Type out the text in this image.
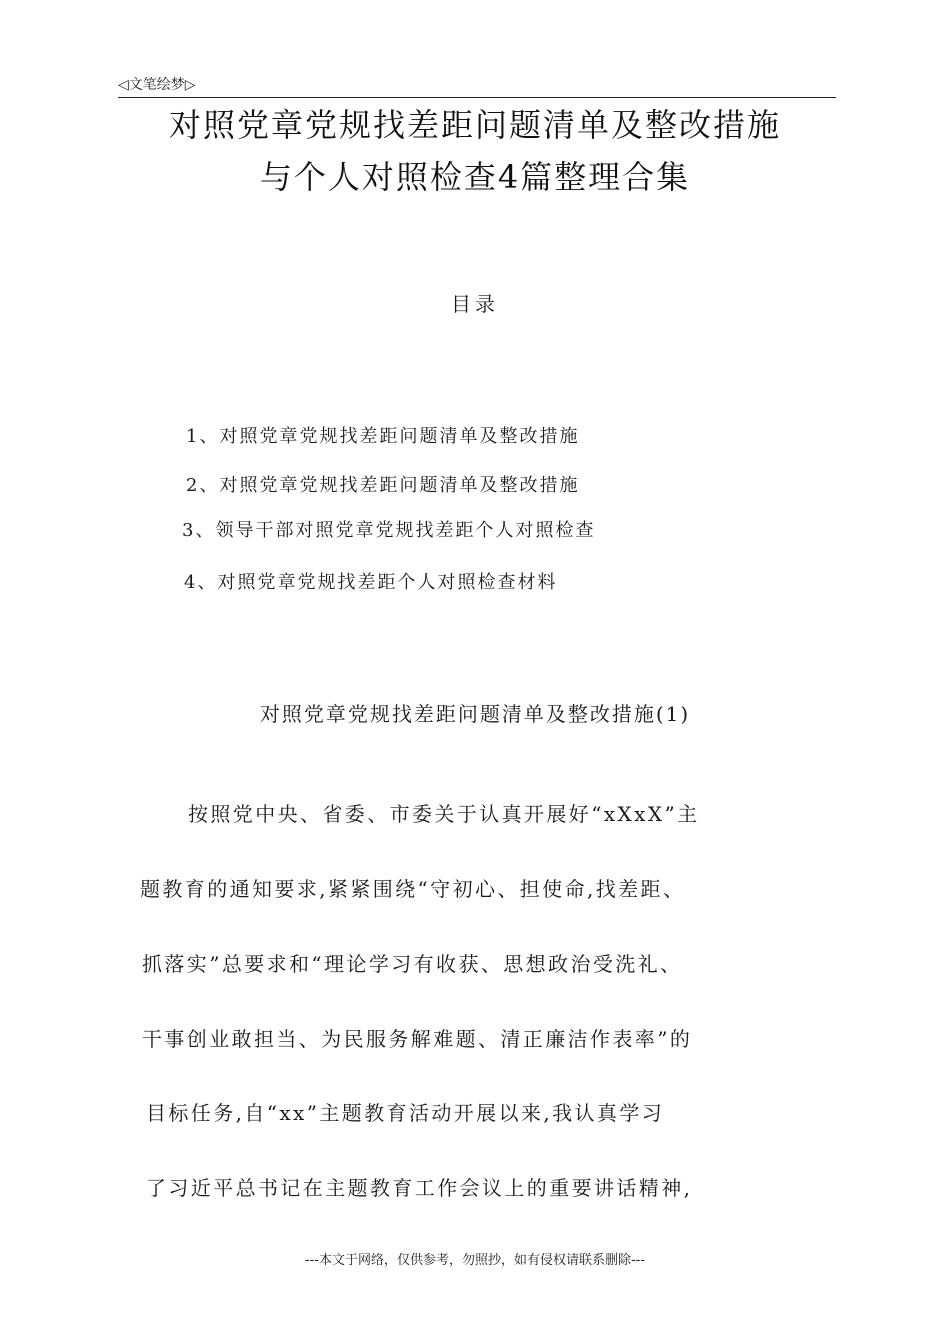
◁文笔绘梦▷
对照党章党规找差距问题清单及整改措施
与个人对照检查4篇整理合集
目录
1、对照党章党规找差距问题清单及整改措施
2、对照党章党规找差距问题清单及整改措施
3、领导干部对照党章党规找差距个人对照检查
4、对照党章党规找差距个人对照检查材料
对照党章党规找差距问题清单及整改措施(1)
按照党中央、省委、市委关于认真开展好“xXxX”主
题教育的通知要求,紧紧围绕“守初心、担使命,找差距、
抓落实”总要求和“理论学习有收获、思想政治受洗礼、
干事创业敢担当、为民服务解难题、清正廉洁作表率”的
目标任务,自“xx”主题教育活动开展以来,我认真学习
了习近平总书记在主题教育工作会议上的重要讲话精神,
---本文于网络，仅供参考，勿照抄，如有侵权请联系删除---
